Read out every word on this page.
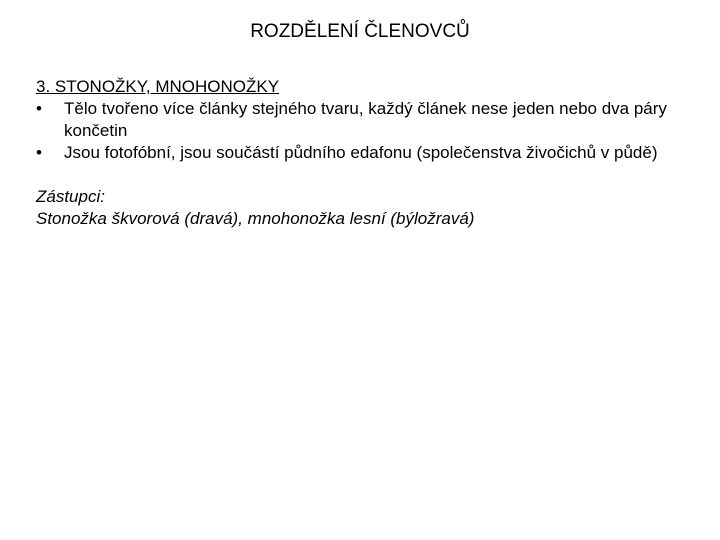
ROZDĚLENÍ ČLENOVCŮ

3. STONOŽKY, MNOHONOŽKY

•	Tělo tvořeno více články stejného tvaru, každý článek nese jeden nebo dva páry končetin
•	Jsou fotofóbní, jsou součástí půdního edafonu (společenstva živočichů v půdě)
Zástupci:
Stonožka škvorová (dravá), mnohonožka lesní (býložravá)
